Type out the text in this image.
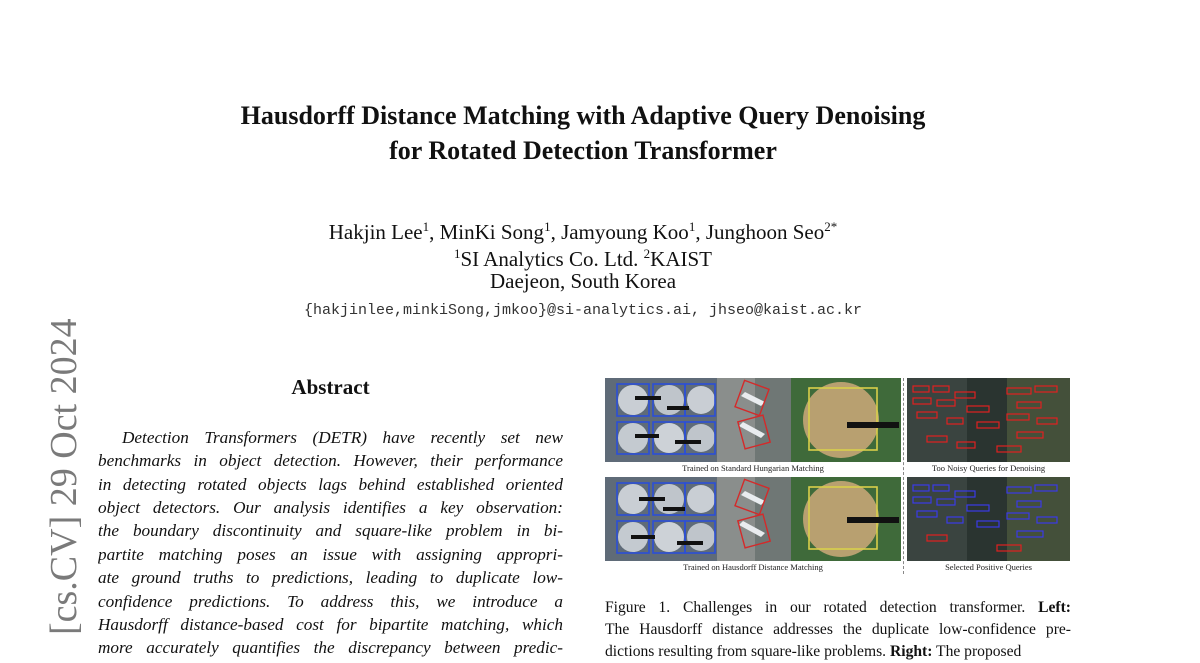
[cs.CV] 29 Oct 2024
Hausdorff Distance Matching with Adaptive Query Denoising
for Rotated Detection Transformer
Hakjin Lee$^1$, MinKi Song$^1$, Jamyoung Koo$^1$, Junghoon Seo$^{2*}$
$^1$SI Analytics Co. Ltd. $^2$KAIST
Daejeon, South Korea
{hakjinlee,minkiSong,jmkoo}@si-analytics.ai, jhseo@kaist.ac.kr
Abstract
Detection Transformers (DETR) have recently set new
benchmarks in object detection. However, their performance
in detecting rotated objects lags behind established oriented
object detectors. Our analysis identifies a key observation:
the boundary discontinuity and square-like problem in bi-
partite matching poses an issue with assigning appropri-
ate ground truths to predictions, leading to duplicate low-
confidence predictions. To address this, we introduce a
Hausdorff distance-based cost for bipartite matching, which
more accurately quantifies the discrepancy between predic-
Trained on Standard Hungarian Matching	Too Noisy Queries for Denoising
Trained on Hausdorff Distance Matching	Selected Positive Queries
Figure 1. Challenges in our rotated detection transformer. Left:
The Hausdorff distance addresses the duplicate low-confidence pre-
dictions resulting from square-like problems. Right: The proposed
